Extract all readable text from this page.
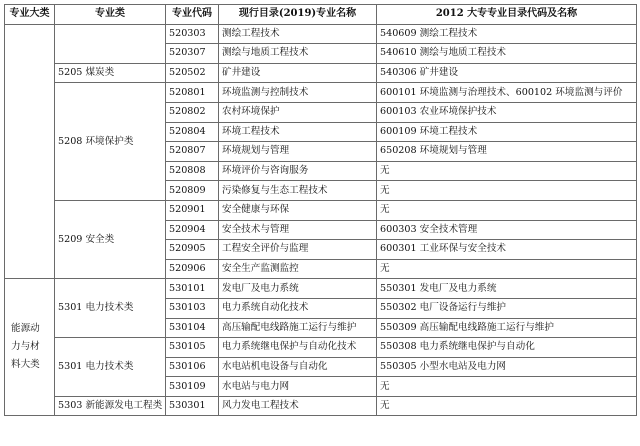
专业大类	专业类	专业代码	现行目录(2019)专业名称	2012 大专专业目录代码及名称
		520303	测绘工程技术	540609 测绘工程技术
		520307	测绘与地质工程技术	540610 测绘与地质工程技术
	5205 煤炭类	520502	矿井建设	540306 矿井建设
	5208 环境保护类	520801	环境监测与控制技术	600101 环境监测与治理技术、600102 环境监测与评价
		520802	农村环境保护	600103 农业环境保护技术
		520804	环境工程技术	600109 环境工程技术
		520807	环境规划与管理	650208 环境规划与管理
		520808	环境评价与咨询服务	无
		520809	污染修复与生态工程技术	无
	5209 安全类	520901	安全健康与环保	无
		520904	安全技术与管理	600303 安全技术管理
		520905	工程安全评价与监理	600301 工业环保与安全技术
		520906	安全生产监测监控	无
能源动力与材料大类	5301 电力技术类	530101	发电厂及电力系统	550301 发电厂及电力系统
		530103	电力系统自动化技术	550302 电厂设备运行与维护
		530104	高压输配电线路施工运行与维护	550309 高压输配电线路施工运行与维护
	5301 电力技术类	530105	电力系统继电保护与自动化技术	550308 电力系统继电保护与自动化
		530106	水电站机电设备与自动化	550305 小型水电站及电力网
		530109	水电站与电力网	无
	5303 新能源发电工程类	530301	风力发电工程技术	无
